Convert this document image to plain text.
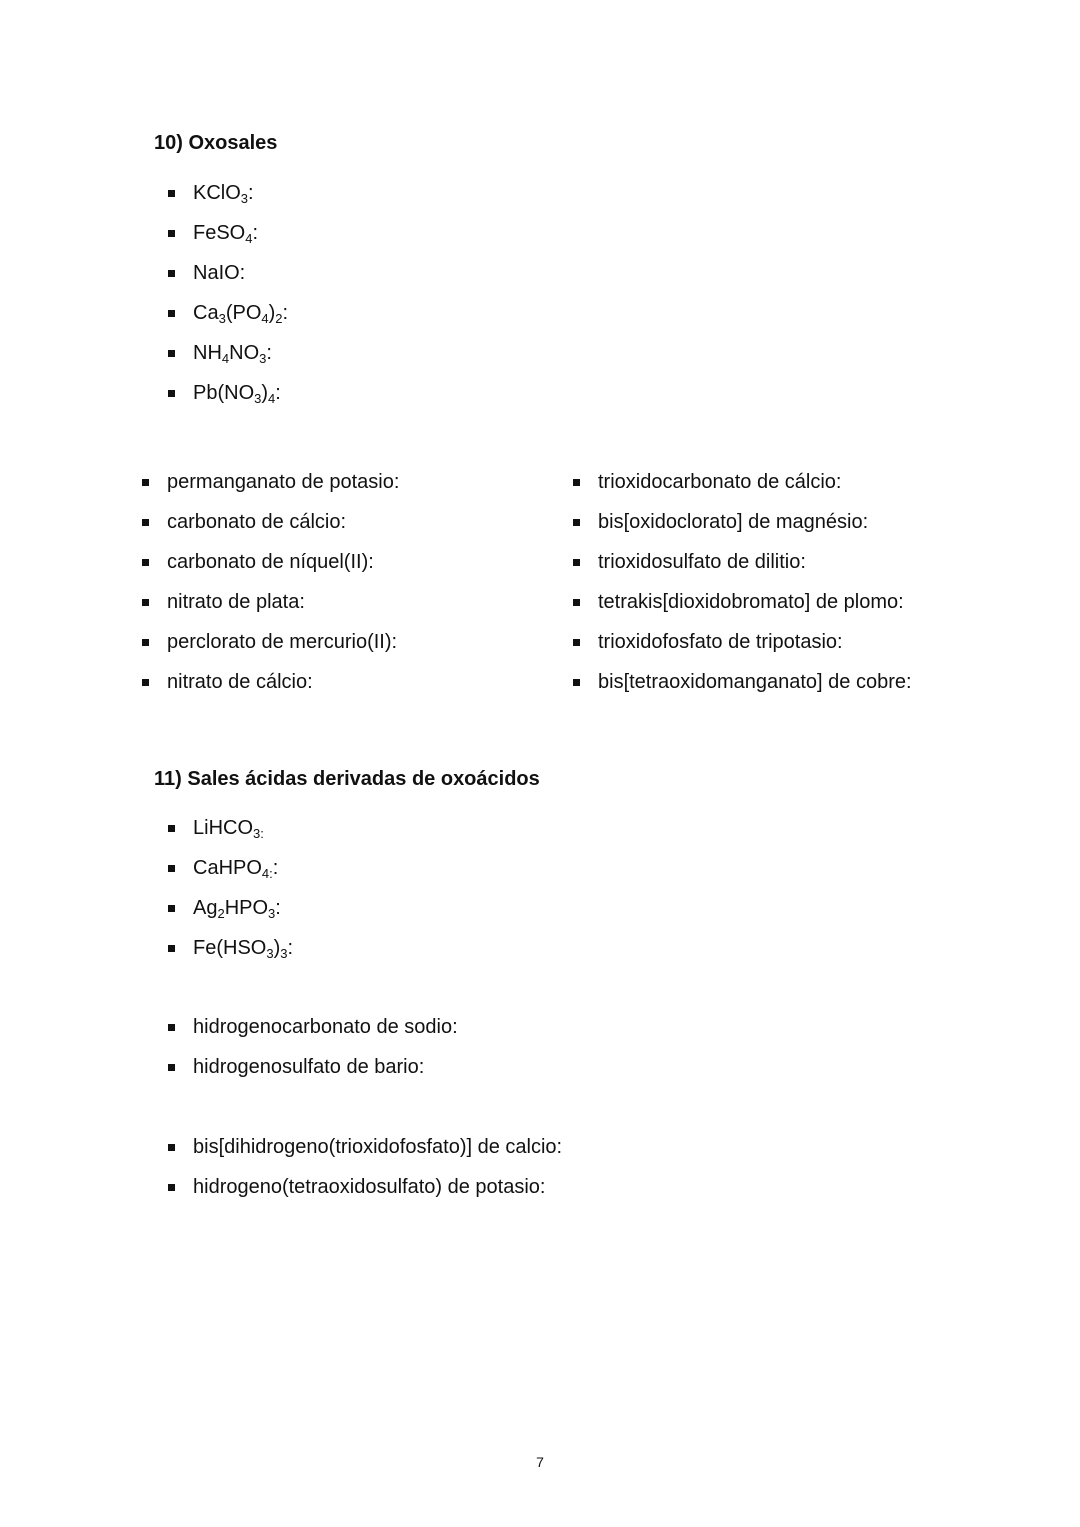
10) Oxosales
KClO$_3$:
FeSO$_4$:
NaIO:
$Ca_3(PO_4)_2$:
$NH_4NO_3$:
$Pb(NO_3)_4$:
permanganato de potasio:
carbonato de cálcio:
carbonato de níquel(II):
nitrato de plata:
perclorato de mercurio(II):
nitrato de cálcio:
trioxidocarbonato de cálcio:
bis[oxidoclorato] de magnésio:
trioxidosulfato de dilitio:
tetrakis[dioxidobromato] de plomo:
trioxidofosfato de tripotasio:
bis[tetraoxidomanganato] de cobre:
11) Sales ácidas derivadas de oxoácidos
LiHCO$_{3:}$
CaHPO$_{4:}$:
$Ag_2HPO_3$:
$Fe(HSO_3)_3$:
hidrogenocarbonato de sodio:
hidrogenosulfato de bario:
bis[dihidrogeno(trioxidofosfato)] de calcio:
hidrogeno(tetraoxidosulfato) de potasio:
7
